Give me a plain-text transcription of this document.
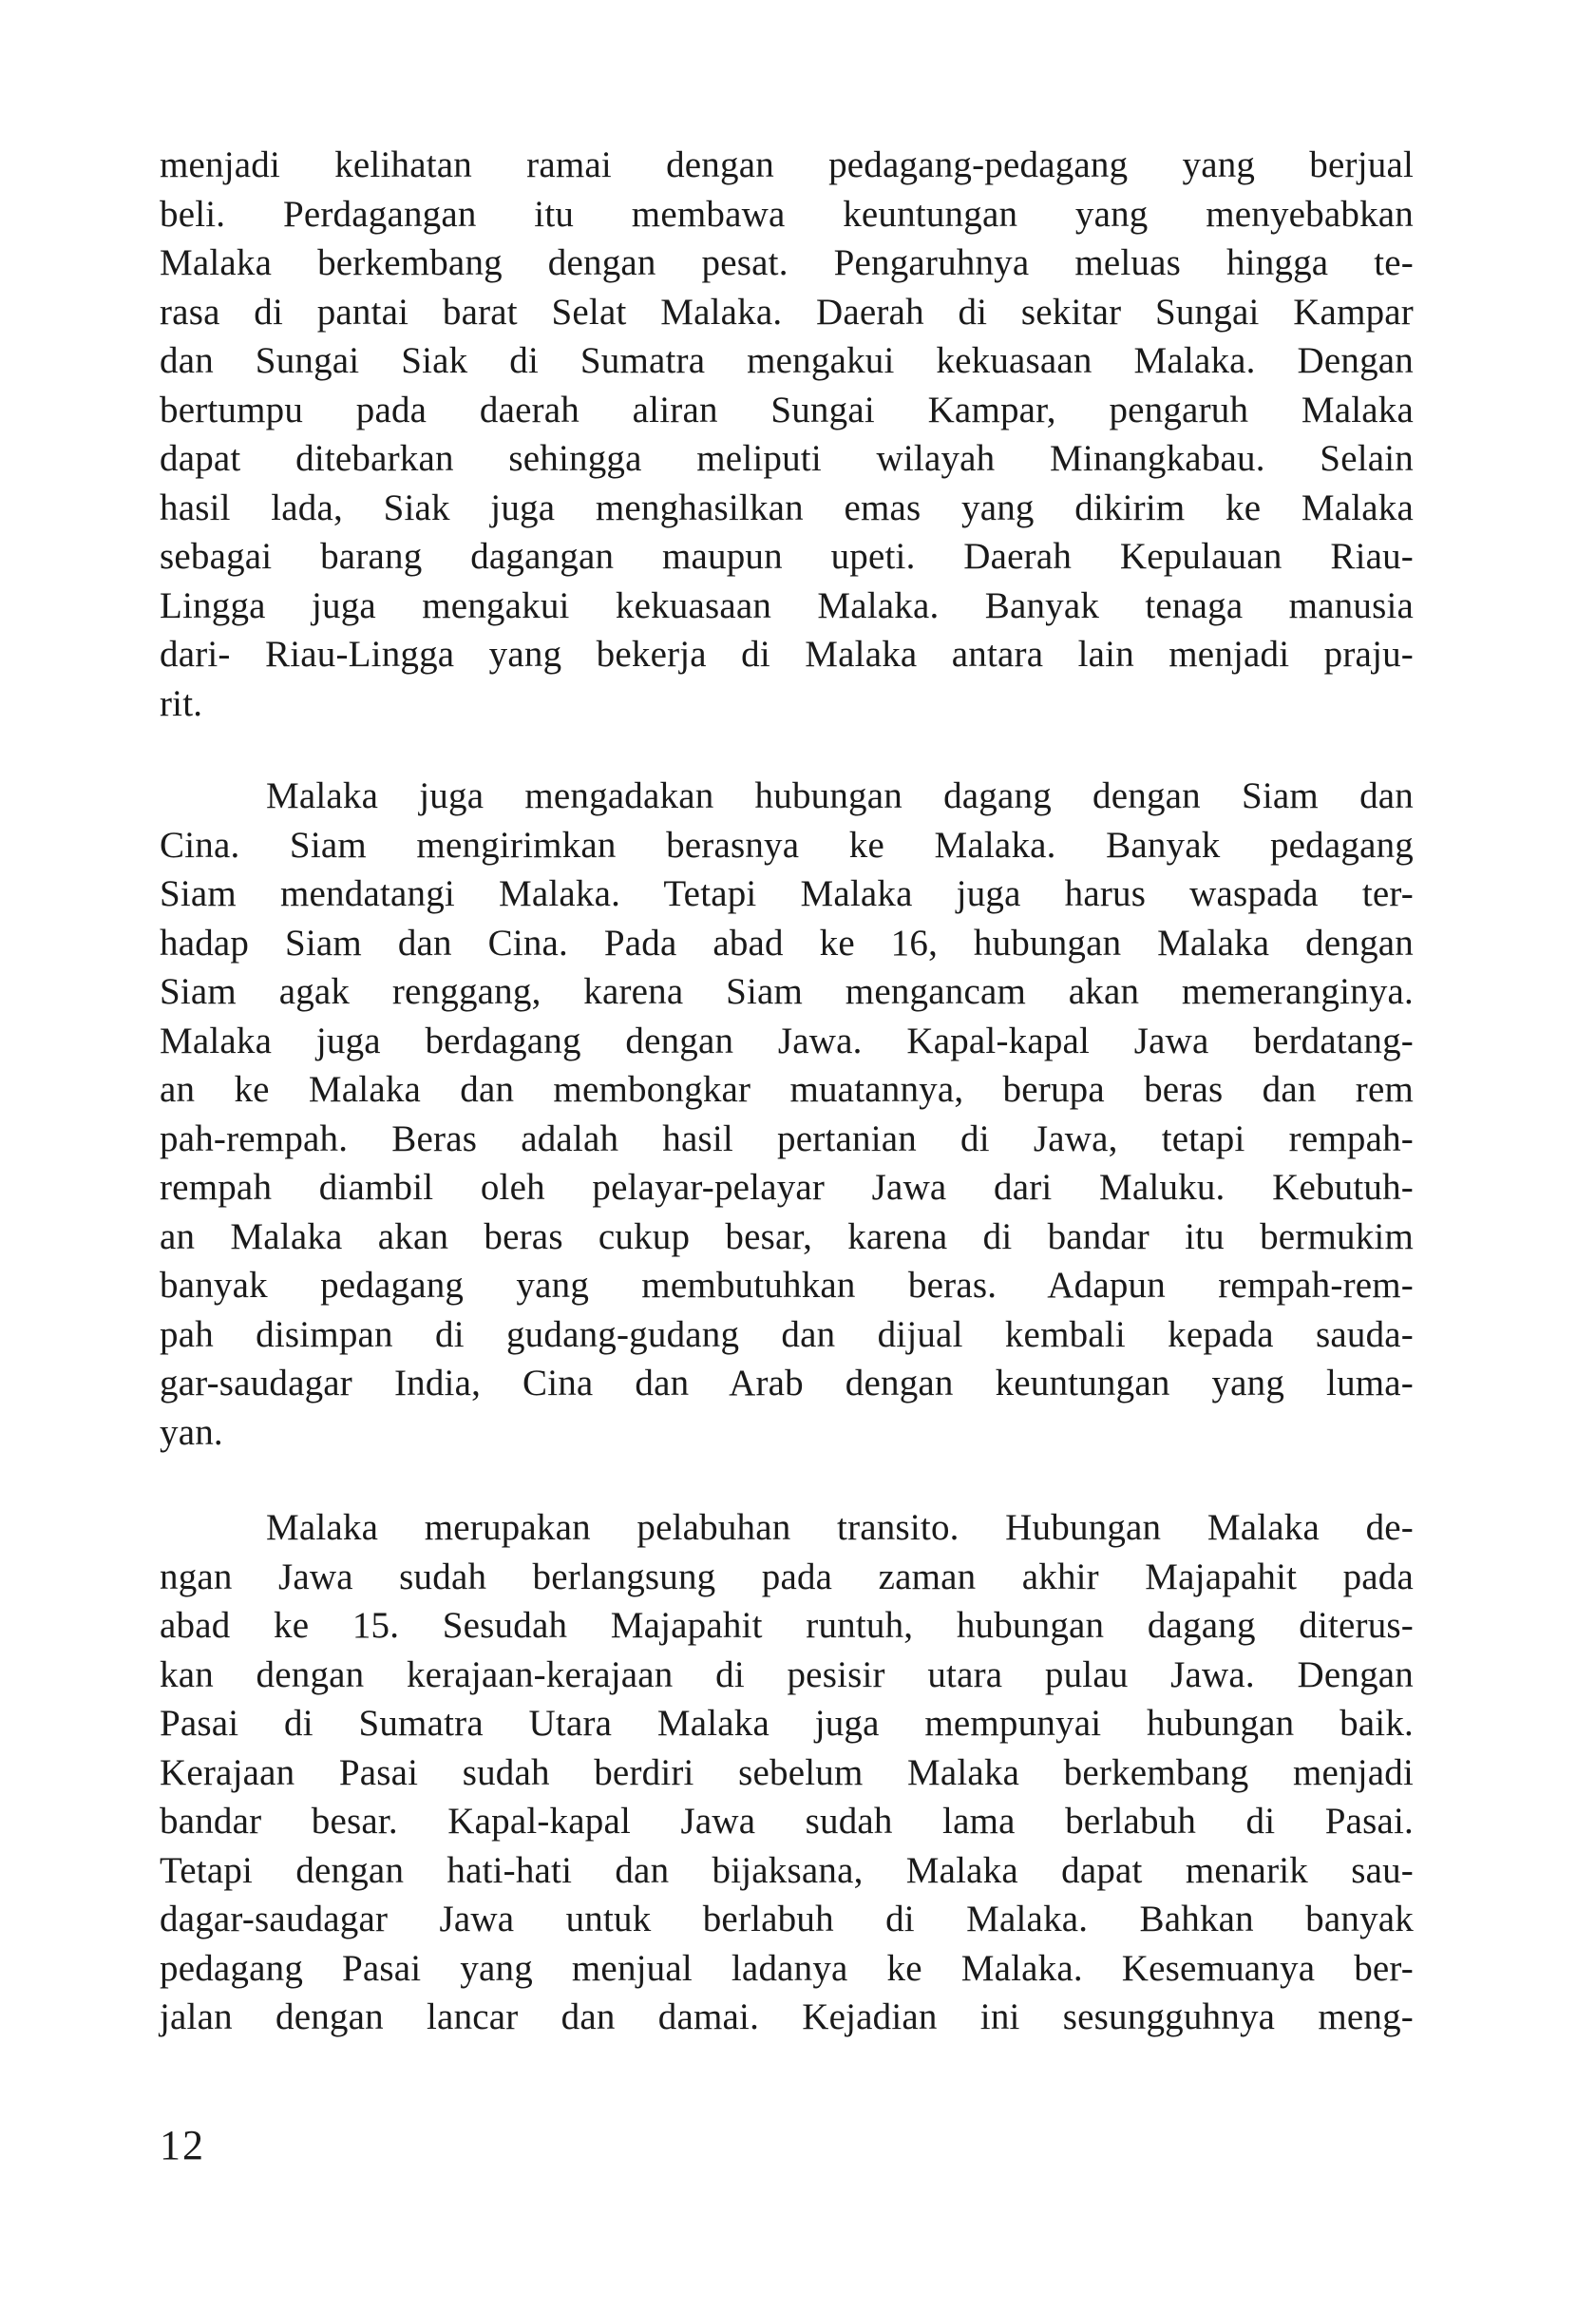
menjadi kelihatan ramai dengan pedagang-pedagang yang berjual
beli. Perdagangan itu membawa keuntungan yang menyebabkan
Malaka berkembang dengan pesat. Pengaruhnya meluas hingga te-
rasa di pantai barat Selat Malaka. Daerah di sekitar Sungai Kampar
dan Sungai Siak di Sumatra mengakui kekuasaan Malaka. Dengan
bertumpu pada daerah aliran Sungai Kampar, pengaruh Malaka
dapat ditebarkan sehingga meliputi wilayah Minangkabau. Selain
hasil lada, Siak juga menghasilkan emas yang dikirim ke Malaka
sebagai barang dagangan maupun upeti. Daerah Kepulauan Riau-
Lingga juga mengakui kekuasaan Malaka. Banyak tenaga manusia
dari- Riau-Lingga yang bekerja di Malaka antara lain menjadi praju-
rit.
Malaka juga mengadakan hubungan dagang dengan Siam dan
Cina. Siam mengirimkan berasnya ke Malaka. Banyak pedagang
Siam mendatangi Malaka. Tetapi Malaka juga harus waspada ter-
hadap Siam dan Cina. Pada abad ke 16, hubungan Malaka dengan
Siam agak renggang, karena Siam mengancam akan memeranginya.
Malaka juga berdagang dengan Jawa. Kapal-kapal Jawa berdatang-
an ke Malaka dan membongkar muatannya, berupa beras dan rem
pah-rempah. Beras adalah hasil pertanian di Jawa, tetapi rempah-
rempah diambil oleh pelayar-pelayar Jawa dari Maluku. Kebutuh-
an Malaka akan beras cukup besar, karena di bandar itu bermukim
banyak pedagang yang membutuhkan beras. Adapun rempah-rem-
pah disimpan di gudang-gudang dan dijual kembali kepada sauda-
gar-saudagar India, Cina dan Arab dengan keuntungan yang luma-
yan.
Malaka merupakan pelabuhan transito. Hubungan Malaka de-
ngan Jawa sudah berlangsung pada zaman akhir Majapahit pada
abad ke 15. Sesudah Majapahit runtuh, hubungan dagang diterus-
kan dengan kerajaan-kerajaan di pesisir utara pulau Jawa. Dengan
Pasai di Sumatra Utara Malaka juga mempunyai hubungan baik.
Kerajaan Pasai sudah berdiri sebelum Malaka berkembang menjadi
bandar besar. Kapal-kapal Jawa sudah lama berlabuh di Pasai.
Tetapi dengan hati-hati dan bijaksana, Malaka dapat menarik sau-
dagar-saudagar Jawa untuk berlabuh di Malaka. Bahkan banyak
pedagang Pasai yang menjual ladanya ke Malaka. Kesemuanya ber-
jalan dengan lancar dan damai. Kejadian ini sesungguhnya meng-
12
